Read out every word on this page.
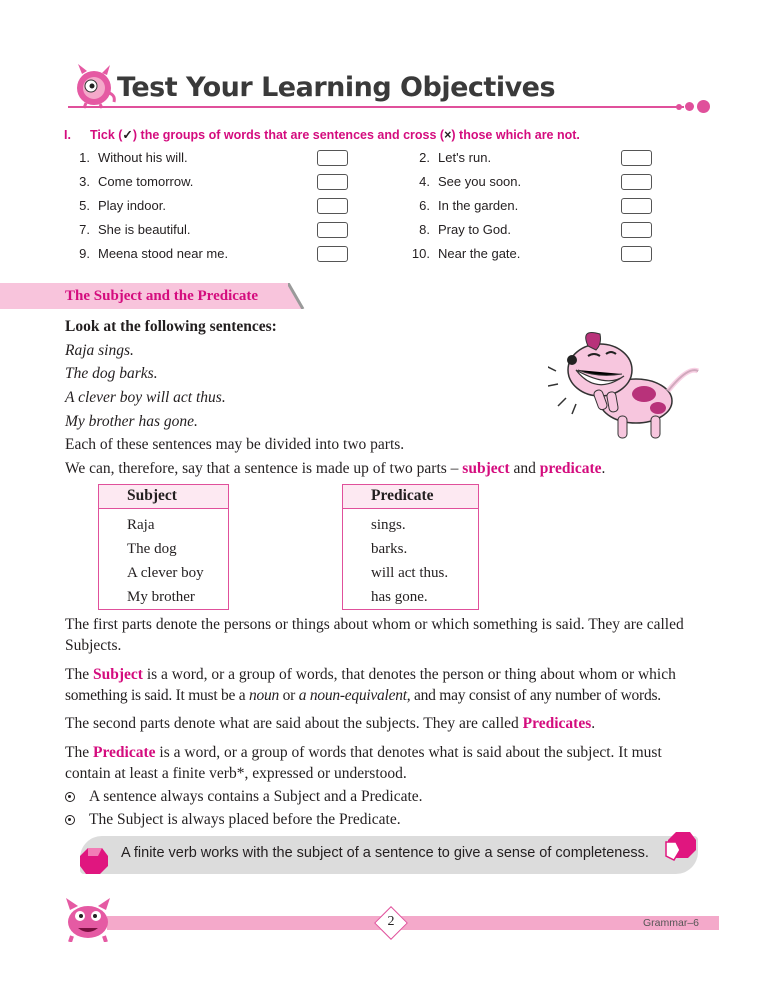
Test Your Learning Objectives
I. Tick (✓) the groups of words that are sentences and cross (×) those which are not.
1. Without his will.	2. Let's run.
3. Come tomorrow.	4. See you soon.
5. Play indoor.	6. In the garden.
7. She is beautiful.	8. Pray to God.
9. Meena stood near me.	10. Near the gate.
The Subject and the Predicate
Look at the following sentences:
Raja sings.
The dog barks.
A clever boy will act thus.
My brother has gone.
Each of these sentences may be divided into two parts.
We can, therefore, say that a sentence is made up of two parts – subject and predicate.
Subject
Raja
The dog
A clever boy
My brother
Predicate
sings.
barks.
will act thus.
has gone.
The first parts denote the persons or things about whom or which something is said. They are called
Subjects.
The Subject is a word, or a group of words, that denotes the person or thing about whom or which
something is said. It must be a noun or a noun-equivalent, and may consist of any number of words.
The second parts denote what are said about the subjects. They are called Predicates.
The Predicate is a word, or a group of words that denotes what is said about the subject. It must
contain at least a finite verb*, expressed or understood.
A sentence always contains a Subject and a Predicate.
The Subject is always placed before the Predicate.
A finite verb works with the subject of a sentence to give a sense of completeness.
2	Grammar–6
